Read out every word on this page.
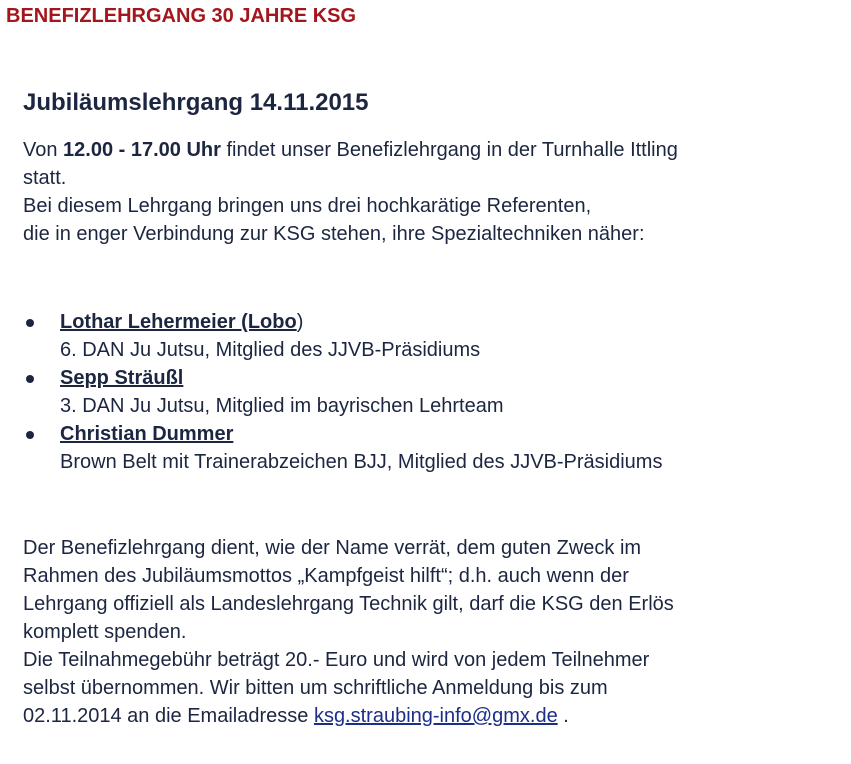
BENEFIZLEHRGANG 30 JAHRE KSG
Jubiläumslehrgang 14.11.2015

Von 12.00 - 17.00 Uhr findet unser Benefizlehrgang in der Turnhalle Ittling

statt.

Bei diesem Lehrgang bringen uns drei hochkarätige Referenten,

die in enger Verbindung zur KSG stehen, ihre Spezialtechniken näher:

Lothar Lehermeier (Lobo)
6. DAN Ju Jutsu, Mitglied des JJVB-Präsidiums
Sepp Sträußl
3. DAN Ju Jutsu, Mitglied im bayrischen Lehrteam
Christian Dummer
Brown Belt mit Trainerabzeichen BJJ, Mitglied des JJVB-Präsidiums

Der Benefizlehrgang dient, wie der Name verrät, dem guten Zweck im

Rahmen des Jubiläumsmottos „Kampfgeist hilft“; d.h. auch wenn der

Lehrgang offiziell als Landeslehrgang Technik gilt, darf die KSG den Erlös

komplett spenden.

Die Teilnahmegebühr beträgt 20.- Euro und wird von jedem Teilnehmer

selbst übernommen. Wir bitten um schriftliche Anmeldung bis zum

02.11.2014 an die Emailadresse ksg.straubing-info@gmx.de .
